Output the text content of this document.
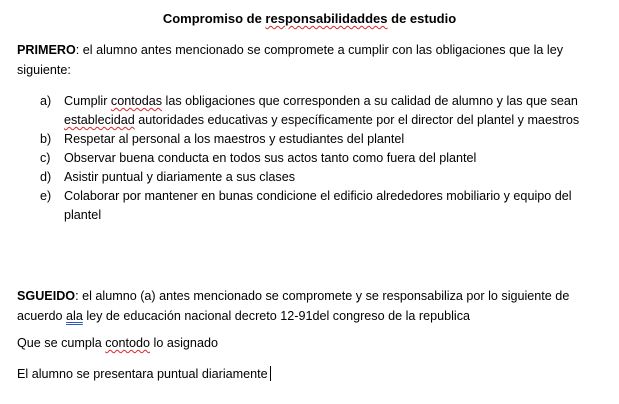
Compromiso de responsabilidaddes de estudio
PRIMERO: el alumno antes mencionado se compromete a cumplir con las obligaciones que la ley siguiente:
a) Cumplir contodas las obligaciones que corresponden a su calidad de alumno y las que sean establecidad autoridades educativas y específicamente por el director del plantel y maestros
b) Respetar al personal a los maestros y estudiantes del plantel
c) Observar buena conducta en todos sus actos tanto como fuera del plantel
d) Asistir puntual y diariamente a sus clases
e) Colaborar por mantener en bunas condicione el edificio alrededores mobiliario y equipo del plantel
SGUEIDO: el alumno (a) antes mencionado se compromete y se responsabiliza por lo siguiente de acuerdo ala ley de educación nacional decreto 12-91del congreso de la republica
Que se cumpla contodo lo asignado
El alumno se presentara puntual diariamente
